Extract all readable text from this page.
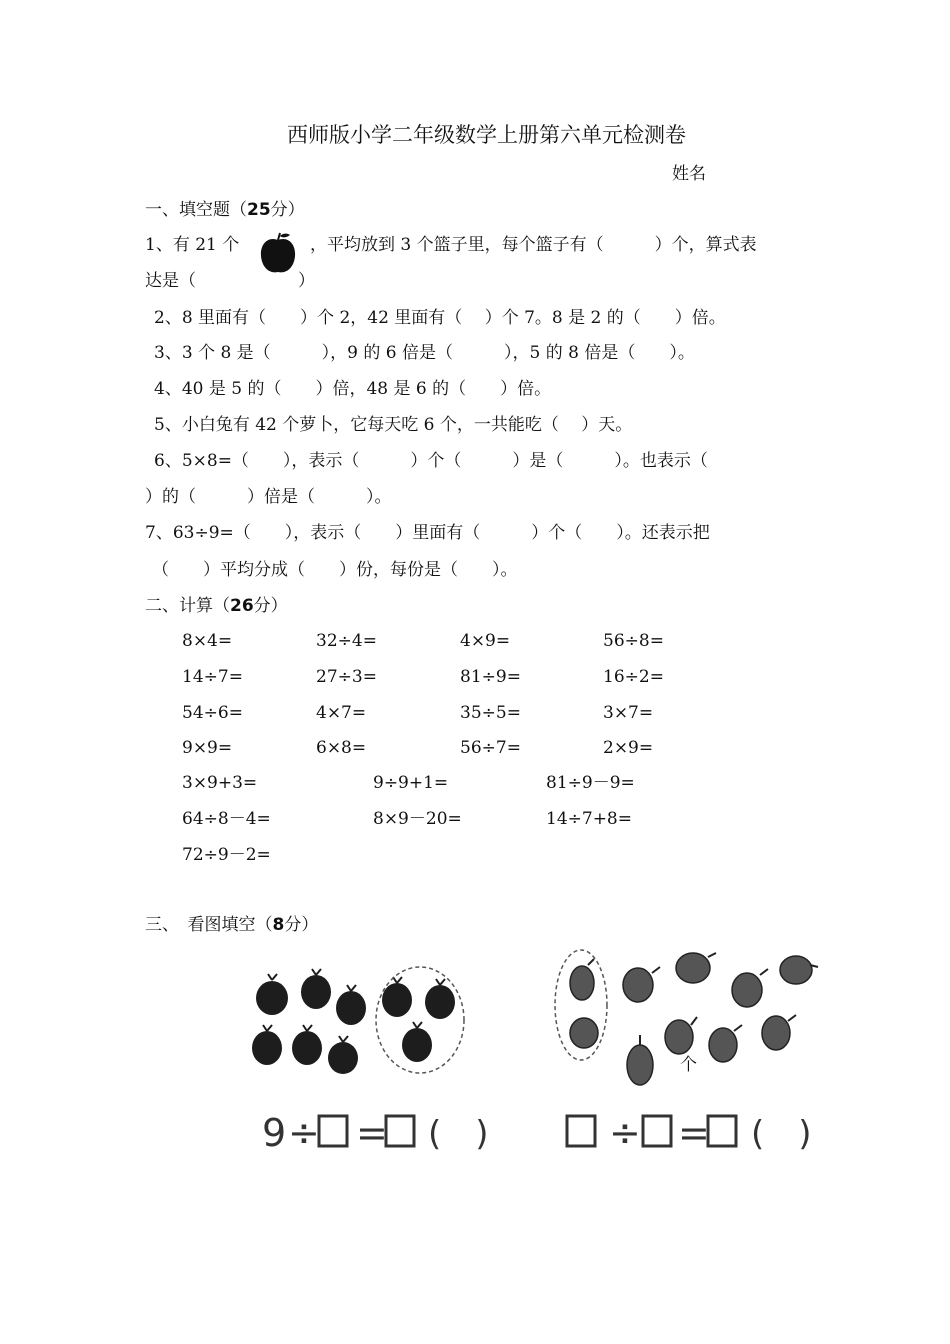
西师版小学二年级数学上册第六单元检测卷
姓名
一、填空题（25分）
1、有 21 个	，平均放到 3 个篮子里，每个篮子有（　　　）个，算式表
达是（　　　　　　）
2、8 里面有（　　）个 2，42 里面有（　 ）个 7。8 是 2 的（　　）倍。
3、3 个 8 是（　　　），9 的 6 倍是（　　　），5 的 8 倍是（　　）。
4、40 是 5 的（　　）倍，48 是 6 的（　　）倍。
5、小白兔有 42 个萝卜，它每天吃 6 个，一共能吃（　 ）天。
6、5×8=（　　），表示（　　　）个（　　　）是（　　　）。也表示（
）的（　　　）倍是（　　　）。
7、63÷9=（　　），表示（　　）里面有（　　　）个（　　）。还表示把
（　　）平均分成（　　）份，每份是（　　）。
二、计算（26分）
8×4=	32÷4=	4×9=	56÷8=
14÷7=	27÷3=	81÷9=	16÷2=
54÷6=	4×7=	35÷5=	3×7=
9×9=	6×8=	56÷7=	2×9=
3×9+3=	9÷9+1=	81÷9－9=
64÷8－4=	8×9－20=	14÷7+8=
72÷9－2=
三、　看图填空（8分）
9 ÷ = (　)
个
÷ = (　)
